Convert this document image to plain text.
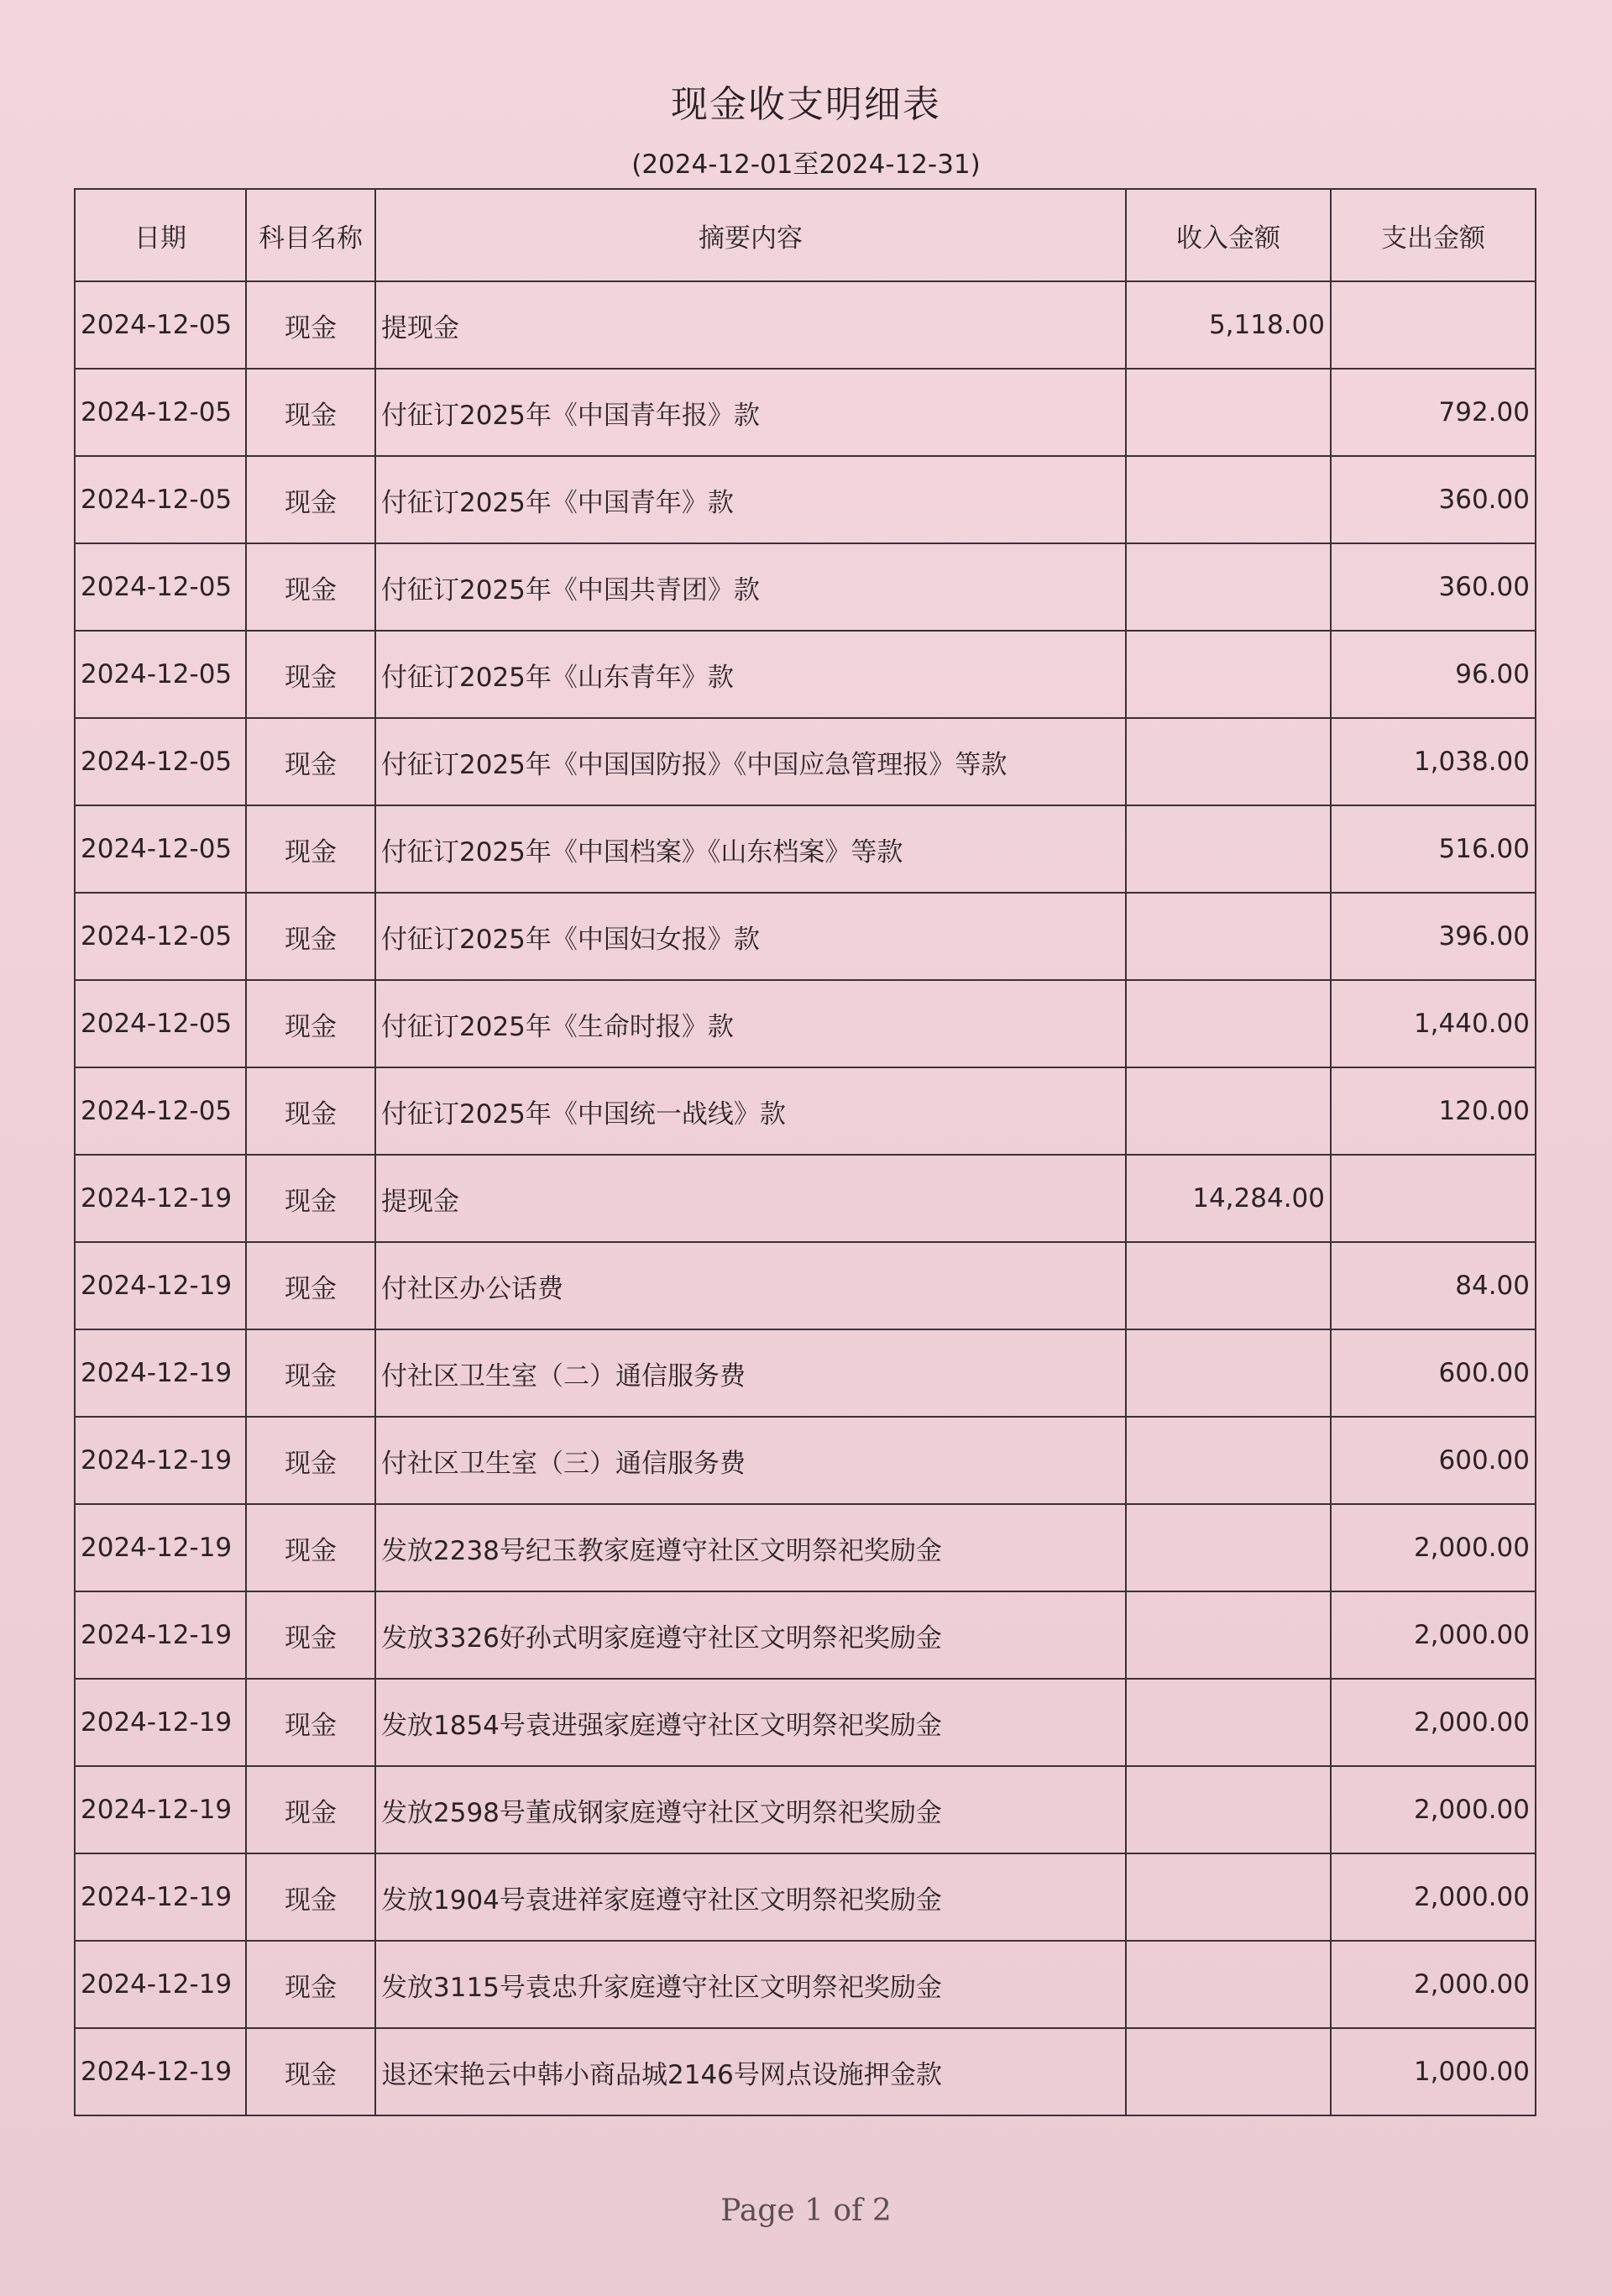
现金收支明细表
(2024-12-01至2024-12-31)
日期	科目名称	摘要内容	收入金额	支出金额
2024-12-05	现金	提现金	5,118.00	
2024-12-05	现金	付征订2025年《中国青年报》款		792.00
2024-12-05	现金	付征订2025年《中国青年》款		360.00
2024-12-05	现金	付征订2025年《中国共青团》款		360.00
2024-12-05	现金	付征订2025年《山东青年》款		96.00
2024-12-05	现金	付征订2025年《中国国防报》《中国应急管理报》等款		1,038.00
2024-12-05	现金	付征订2025年《中国档案》《山东档案》等款		516.00
2024-12-05	现金	付征订2025年《中国妇女报》款		396.00
2024-12-05	现金	付征订2025年《生命时报》款		1,440.00
2024-12-05	现金	付征订2025年《中国统一战线》款		120.00
2024-12-19	现金	提现金	14,284.00	
2024-12-19	现金	付社区办公话费		84.00
2024-12-19	现金	付社区卫生室（二）通信服务费		600.00
2024-12-19	现金	付社区卫生室（三）通信服务费		600.00
2024-12-19	现金	发放2238号纪玉教家庭遵守社区文明祭祀奖励金		2,000.00
2024-12-19	现金	发放3326好孙式明家庭遵守社区文明祭祀奖励金		2,000.00
2024-12-19	现金	发放1854号袁进强家庭遵守社区文明祭祀奖励金		2,000.00
2024-12-19	现金	发放2598号董成钢家庭遵守社区文明祭祀奖励金		2,000.00
2024-12-19	现金	发放1904号袁进祥家庭遵守社区文明祭祀奖励金		2,000.00
2024-12-19	现金	发放3115号袁忠升家庭遵守社区文明祭祀奖励金		2,000.00
2024-12-19	现金	退还宋艳云中韩小商品城2146号网点设施押金款		1,000.00
Page 1 of 2
